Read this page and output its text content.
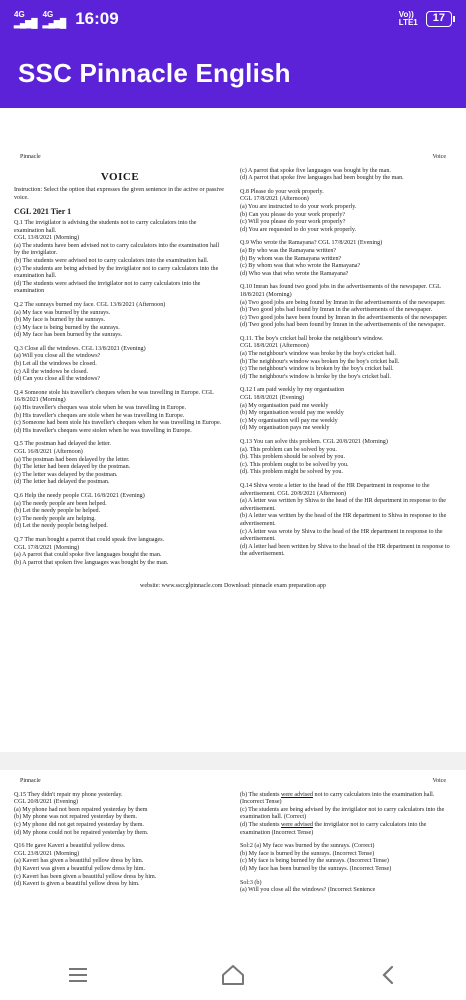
4G
▂▄▆█
4G
▂▄▆█ 16:09	Vo))
LTE1	17
SSC Pinnacle English
Pinnacle	Voice
VOICE

Instruction: Select the option that expresses the given sentence in the active or passive voice.

CGL 2021 Tier 1

Q.1 The invigilator is advising the students not to carry calculators into the examination hall.

CGL 13/8/2021 (Morning)

(a) The students have been advised not to carry calculators into the examination hall by the invigilator.

(b) The students were advised not to carry calculators into the examination hall.

(c) The students are being advised by the invigilator not to carry calculators into the examination hall.

(d) The students were advised the invigilator not to carry calculators into the examination

Q.2 The sunrays burned my face. CGL 13/8/2021 (Afternoon)

(a) My face was burned by the sunrays.

(b) My face is burned by the sunrays.

(c) My face is being burned by the sunrays.

(d) My face has been burned by the sunrays.

Q.3 Close all the windows. CGL 13/8/2021 (Evening)

(a) Will you close all the windows?

(b) Let all the windows be closed.

(c) All the windows be closed.

(d) Can you close all the windows?

Q.4 Someone stole his traveller's cheques when he was travelling in Europe. CGL 16/8/2021 (Morning)

(a) His traveller's cheques was stole when he was travelling in Europe.

(b) His traveller's cheques are stole when he was travelling in Europe.

(c) Someone had been stole his traveller's cheques when he was travelling in Europe.

(d) His traveller's cheques were stolen when he was travelling in Europe.

Q.5 The postman had delayed the letter.

CGL 16/8/2021 (Afternoon)

(a) The postman had been delayed by the letter.

(b) The letter had been delayed by the postman.

(c) The letter was delayed by the postman.

(d) The letter had delayed the postman.

Q.6 Help the needy people CGL 16/8/2021 (Evening)

(a) The needy people are been helped.

(b) Let the needy people be helped.

(c) The needy people are helping.

(d) Let the needy people being helped.

Q.7 The man bought a parrot that could speak five languages.

CGL 17/8/2021 (Morning)

(a) A parrot that could spoke five languages bought the man.

(b) A parrot that spoken five languages was bought by the man.

(c) A parrot that spoke five languages was bought by the man.

(d) A parrot that spoke five languages had been bought by the man.

Q.8 Please do your work properly.

CGL 17/8/2021 (Afternoon)

(a) You are instructed to do your work properly.

(b) Can you please do your work properly?

(c) Will you please do your work properly?

(d) You are requested to do your work properly.

Q.9 Who wrote the Ramayana? CGL 17/8/2021 (Evening)

(a) By who was the Ramayana written?

(b) By whom was the Ramayana written?

(c) By whom was that who wrote the Ramayana?

(d) Who was that who wrote the Ramayana?

Q.10 Imran has found two good jobs in the advertisements of the newspaper. CGL 18/8/2021 (Morning)

(a) Two good jobs are being found by Imran in the advertisements of the newspaper.

(b) Two good jobs had found by Imran in the advertisements of the newspaper.

(c) Two good jobs have been found by Imran in the advertisements of the newspaper.

(d) Two good jobs had been found by Imran in the advertisements of the newspaper.

Q.11. The boy's cricket ball broke the neighbour's window.

CGL 18/8/2021 (Afternoon)

(a) The neighbour's window was broke by the boy's cricket ball.

(b) The neighbour's window was broken by the boy's cricket ball.

(c) The neighbour's window is broken by the boy's cricket ball.

(d) The neighbour's window is broke by the boy's cricket ball.

Q.12 I am paid weekly by my organisation

CGL 18/8/2021 (Evening)

(a) My organisation paid me weekly

(b) My organisation would pay me weekly

(c) My organisation will pay me weekly

(d) My organisation pays me weekly

Q.13 You can solve this problem. CGL 20/8/2021 (Morning)

(a). This problem can be solved by you.

(b). This problem should be solved by you.

(c). This problem ought to be solved by you.

(d). This problem might be solved by you.

Q.14 Shiva wrote a letter to the head of the HR Department in response to the advertisement. CGL 20/8/2021 (Afternoon)

(a) A letter was written by Shiva to the head of the HR department in response to the advertisement.

(b) A letter was written by the head of the HR department to Shiva in response to the advertisement.

(c) A letter was wrote by Shiva to the head of the HR department in response to the advertisement.

(d) A letter had been written by Shiva to the head of the HR department in response to the advertisement.

website: www.ssccglpinnacle.com Download: pinnacle exam preparation app
Pinnacle	Voice

Q.15 They didn't repair my phone yesterday.

CGL 20/8/2021 (Evening)

(a) My phone had not been repaired yesterday by them

(b) My phone was not repaired yesterday by them.

(c) My phone did not get repaired yesterday by them.

(d) My phone could not be repaired yesterday by them.

Q16 He gave Kaveri a beautiful yellow dress.

CGL 23/8/2021 (Morning)

(a) Kaveri has given a beautiful yellow dress by him.

(b) Kaveri was given a beautiful yellow dress by him.

(c) Kaveri has been given a beautiful yellow dress by him.

(d) Kaveri is given a beautiful yellow dress by him.

(b) The students were advised not to carry calculators into the examination hall. (Incorrect Tense)

(c) The students are being advised by the invigilator not to carry calculators into the examination hall. (Correct)

(d) The students were advised the invigilator not to carry calculators into the examination (Incorrect Tense)

Sol:2 (a) My face was burned by the sunrays. (Correct)

(b) My face is burned by the sunrays. (Incorrect Tense)

(c) My face is being burned by the sunrays. (Incorrect Tense)

(d) My face has been burned by the sunrays. (Incorrect Tense)

Sol:3 (b)

(a) Will you close all the windows? (Incorrect Sentence
